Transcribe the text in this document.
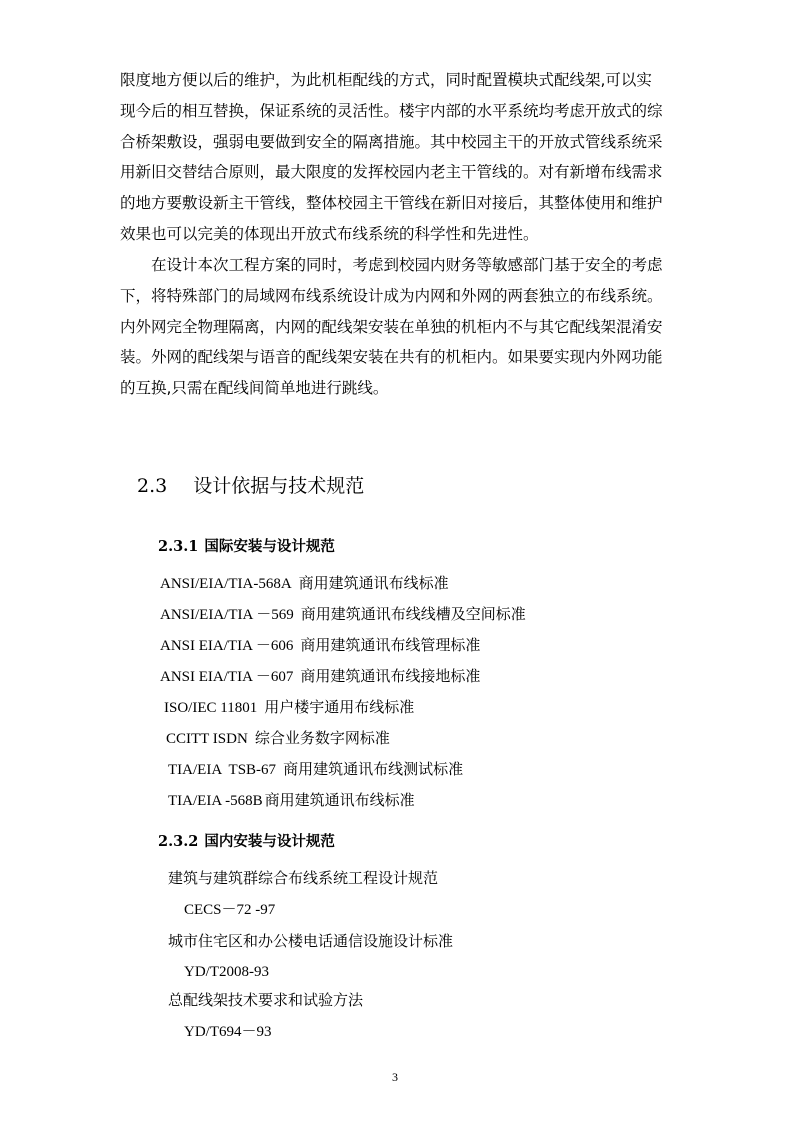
限度地方便以后的维护，为此机柜配线的方式，同时配置模块式配线架,可以实
现今后的相互替换，保证系统的灵活性。楼宇内部的水平系统均考虑开放式的综
合桥架敷设，强弱电要做到安全的隔离措施。其中校园主干的开放式管线系统采
用新旧交替结合原则，最大限度的发挥校园内老主干管线的。对有新增布线需求
的地方要敷设新主干管线，整体校园主干管线在新旧对接后，其整体使用和维护
效果也可以完美的体现出开放式布线系统的科学性和先进性。
在设计本次工程方案的同时，考虑到校园内财务等敏感部门基于安全的考虑
下，将特殊部门的局域网布线系统设计成为内网和外网的两套独立的布线系统。
内外网完全物理隔离，内网的配线架安装在单独的机柜内不与其它配线架混淆安
装。外网的配线架与语音的配线架安装在共有的机柜内。如果要实现内外网功能
的互换,只需在配线间简单地进行跳线。
2.3 设计依据与技术规范
2.3.1 国际安装与设计规范
ANSI/EIA/TIA-568A 商用建筑通讯布线标准
ANSI/EIA/TIA －569 商用建筑通讯布线线槽及空间标准
ANSI EIA/TIA －606 商用建筑通讯布线管理标准
ANSI EIA/TIA －607 商用建筑通讯布线接地标准
ISO/IEC 11801 用户楼宇通用布线标准
CCITT ISDN 综合业务数字网标准
TIA/EIA  TSB-67 商用建筑通讯布线测试标准
TIA/EIA -568B 商用建筑通讯布线标准
2.3.2 国内安装与设计规范
建筑与建筑群综合布线系统工程设计规范
CECS－72 -97
城市住宅区和办公楼电话通信设施设计标准
YD/T2008-93
总配线架技术要求和试验方法
YD/T694－93
3
